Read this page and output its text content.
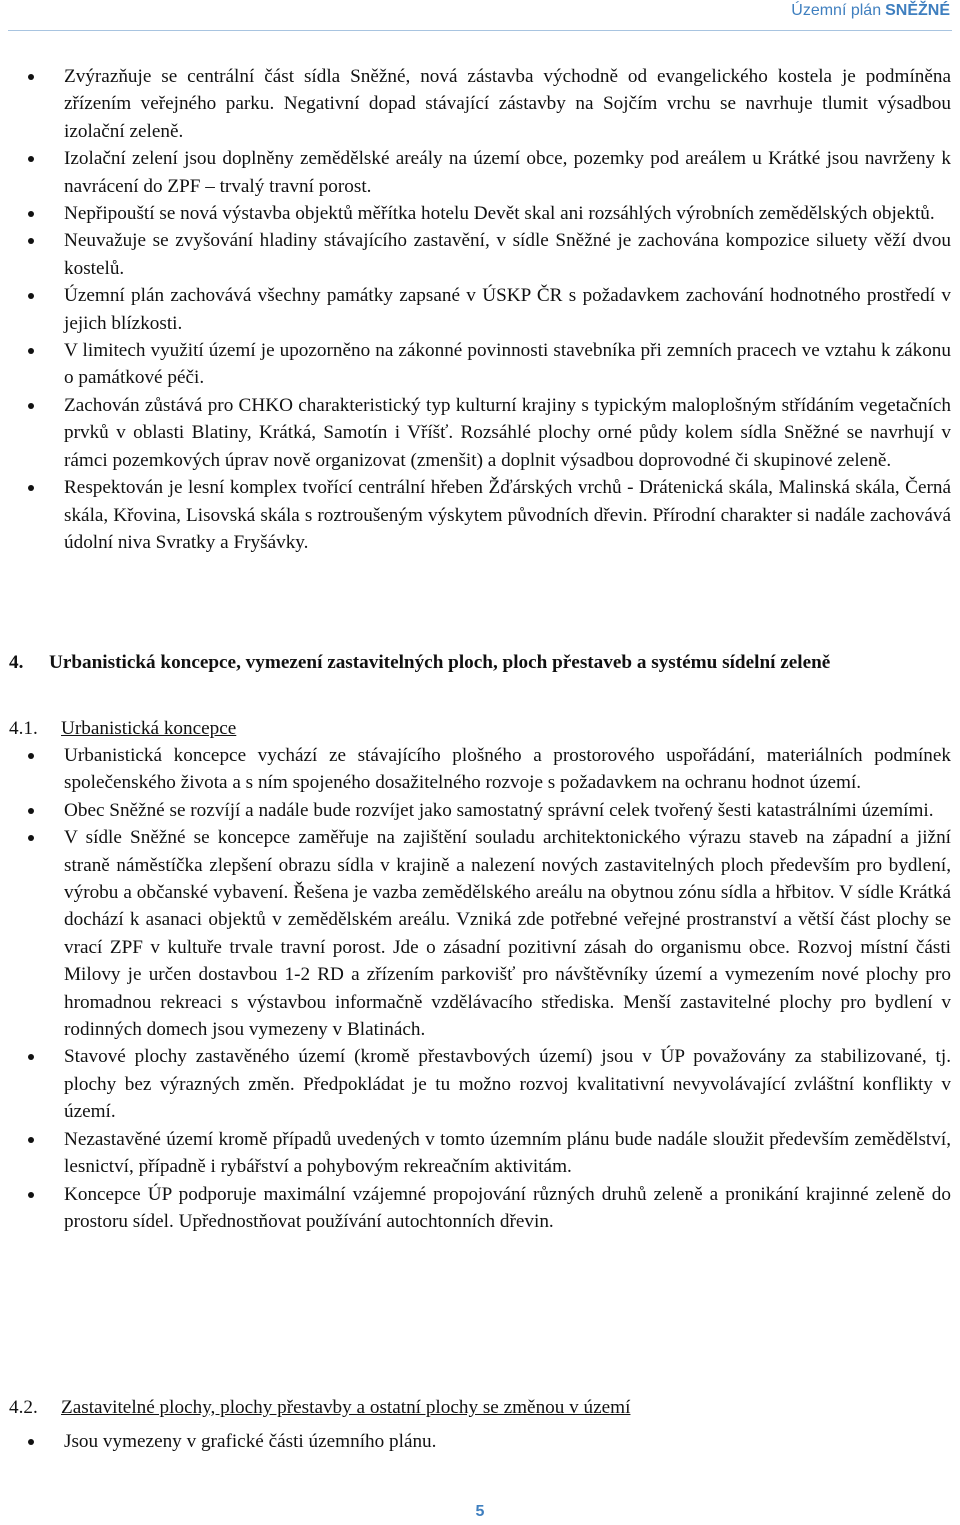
Územní plán SNĚŽNÉ
Zvýrazňuje se centrální část sídla Sněžné, nová zástavba východně od evangelického kostela je podmíněna zřízením veřejného parku. Negativní dopad stávající zástavby na Sojčím vrchu se navrhuje tlumit výsadbou izolační zeleně.
Izolační zelení jsou doplněny zemědělské areály na území obce, pozemky pod areálem u Krátké jsou navrženy k navrácení do ZPF – trvalý travní porost.
Nepřipouští se nová výstavba objektů měřítka hotelu Devět skal ani rozsáhlých výrobních zemědělských objektů.
Neuvažuje se zvyšování hladiny stávajícího zastavění, v sídle Sněžné je zachována kompozice siluety věží dvou kostelů.
Územní plán zachovává všechny památky zapsané v ÚSKP ČR s požadavkem zachování hodnotného prostředí v jejich blízkosti.
V limitech využití území je upozorněno na zákonné povinnosti stavebníka při zemních pracech ve vztahu k zákonu o památkové péči.
Zachován zůstává pro CHKO charakteristický typ kulturní krajiny s typickým maloplošným střídáním vegetačních prvků v oblasti Blatiny, Krátká, Samotín i Vříšť. Rozsáhlé plochy orné půdy kolem sídla Sněžné se navrhují v rámci pozemkových úprav nově organizovat (zmenšit) a doplnit výsadbou doprovodné či skupinové zeleně.
Respektován je lesní komplex tvořící centrální hřeben Žďárských vrchů - Drátenická skála, Malinská skála, Černá skála, Křovina, Lisovská skála s roztroušeným výskytem původních dřevin. Přírodní charakter si nadále zachovává údolní niva Svratky a Fryšávky.
4. Urbanistická koncepce, vymezení zastavitelných ploch, ploch přestaveb a systému sídelní zeleně
4.1. Urbanistická koncepce
Urbanistická koncepce vychází ze stávajícího plošného a prostorového uspořádání, materiálních podmínek společenského života a s ním spojeného dosažitelného rozvoje s požadavkem na ochranu hodnot území.
Obec Sněžné se rozvíjí a nadále bude rozvíjet jako samostatný správní celek tvořený šesti katastrálními územími.
V sídle Sněžné se koncepce zaměřuje na zajištění souladu architektonického výrazu staveb na západní a jižní straně náměstíčka zlepšení obrazu sídla v krajině a nalezení nových zastavitelných ploch především pro bydlení, výrobu a občanské vybavení. Řešena je vazba zemědělského areálu na obytnou zónu sídla a hřbitov. V sídle Krátká dochází k asanaci objektů v zemědělském areálu. Vzniká zde potřebné veřejné prostranství a větší část plochy se vrací ZPF v kultuře trvale travní porost. Jde o zásadní pozitivní zásah do organismu obce. Rozvoj místní části Milovy je určen dostavbou 1-2 RD a zřízením parkovišť pro návštěvníky území a vymezením nové plochy pro hromadnou rekreaci s výstavbou informačně vzdělávacího střediska. Menší zastavitelné plochy pro bydlení v rodinných domech jsou vymezeny v Blatinách.
Stavové plochy zastavěného území (kromě přestavbových území) jsou v ÚP považovány za stabilizované, tj. plochy bez výrazných změn. Předpokládat je tu možno rozvoj kvalitativní nevyvolávající zvláštní konflikty v území.
Nezastavěné území kromě případů uvedených v tomto územním plánu bude nadále sloužit především zemědělství, lesnictví, případně i rybářství a pohybovým rekreačním aktivitám.
Koncepce ÚP podporuje maximální vzájemné propojování různých druhů zeleně a pronikání krajinné zeleně do prostoru sídel. Upřednostňovat používání autochtonních dřevin.
4.2. Zastavitelné plochy, plochy přestavby a ostatní plochy se změnou v území
Jsou vymezeny v grafické části územního plánu.
5
